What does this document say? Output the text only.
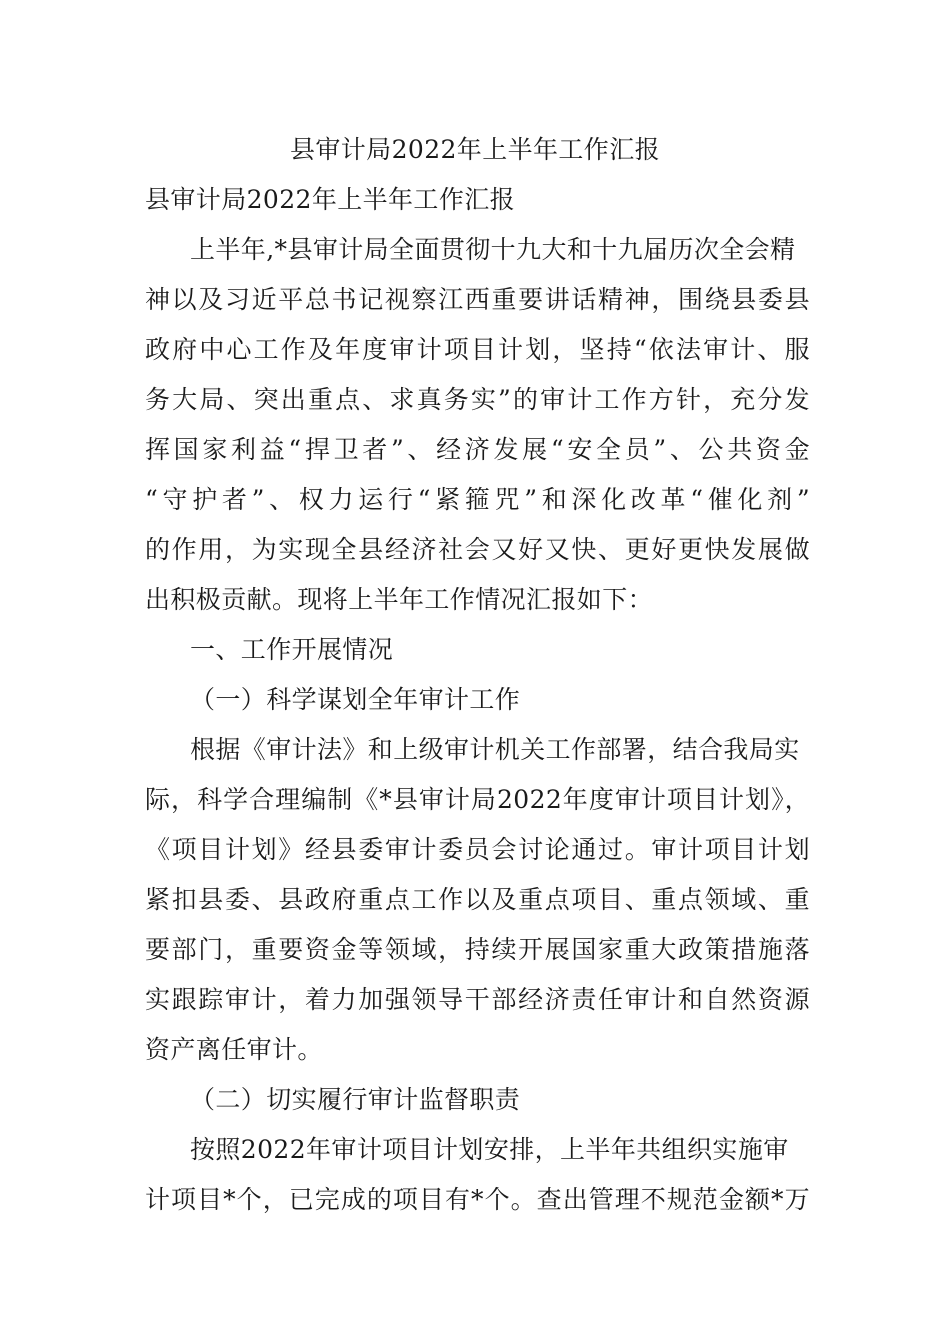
县审计局2022年上半年工作汇报
县审计局2022年上半年工作汇报
上半年,*县审计局全面贯彻十九大和十九届历次全会精
神以及习近平总书记视察江西重要讲话精神，围绕县委县
政府中心工作及年度审计项目计划，坚持“依法审计、服
务大局、突出重点、求真务实”的审计工作方针，充分发
挥国家利益“捍卫者”、经济发展“安全员”、公共资金
“守护者”、权力运行“紧箍咒”和深化改革“催化剂”
的作用，为实现全县经济社会又好又快、更好更快发展做
出积极贡献。现将上半年工作情况汇报如下：
一、工作开展情况
（一）科学谋划全年审计工作
根据《审计法》和上级审计机关工作部署，结合我局实
际，科学合理编制《*县审计局2022年度审计项目计划》，
《项目计划》经县委审计委员会讨论通过。审计项目计划
紧扣县委、县政府重点工作以及重点项目、重点领域、重
要部门，重要资金等领域，持续开展国家重大政策措施落
实跟踪审计，着力加强领导干部经济责任审计和自然资源
资产离任审计。
（二）切实履行审计监督职责
按照2022年审计项目计划安排，上半年共组织实施审
计项目*个，已完成的项目有*个。查出管理不规范金额*万
